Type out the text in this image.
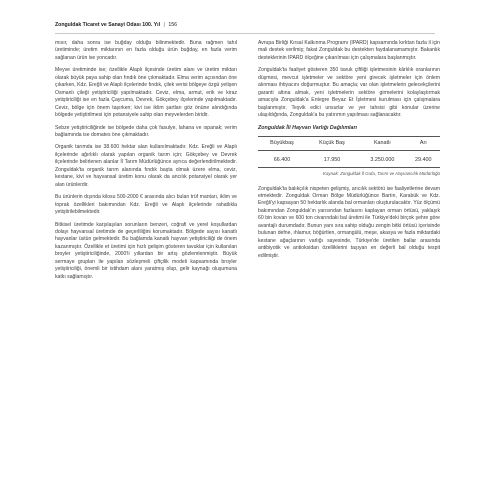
Zonguldak Ticaret ve Sanayi Odası 100. Yıl | 156

mısır, daha sonra ise buğday olduğu bilinmektedir. Buna rağmen tahıl üretiminde; üretim miktarının en fazla olduğu ürün buğday, en fazla verim sağlanan ürün ise yoncadır.

Meyve üretiminde ise; özellikle Alaplı ilçesinde üretim alanı ve üretim miktarı olarak büyük paya sahip olan fındık öne çıkmaktadır. Elma verim açısından öne çıkarken, Kdz. Ereğli ve Alaplı ilçelerinde fındık, çilek verisi bölgeye özgü yetişen Osmanlı çileği yetiştiriciliği yapılmaktadır. Ceviz, elma, armut, erik ve kiraz yetiştiriciliği ise en fazla Çaycuma, Devrek, Gökçebey ilçelerinde yapılmaktadır. Ceviz, bölge için önem taşırken; kivi ise iklim şartları göz önüne alındığında bölgede yetiştirilmesi için potansiyele sahip olan meyvelerden biridir.

Sebze yetiştiriciliğinde ise bölgede daha çok fasulye, lahana ve ıspanak; verim bağlamında ise domates öne çıkmaktadır.

Organik tarımda ise 38.600 hektar alan kullanılmaktadır. Kdz. Ereğli ve Alaplı ilçelerinde ağırlıklı olarak yapılan organik tarım için; Gökçebey ve Devrek ilçelerinde belirlenen alanlar İl Tarım Müdürlüğünce ayrıca değerlendirilmektedir. Zonguldak'ta organik tarım alanında fındık başta olmak üzere elma, ceviz, kestane, kivi ve hayvansal üretim konu olarak da ancılık potansiyel olarak yer alan ürünlerdir.

Bu ürünlerin dışında kilosu 500-2000 € arasında alıcı bulan trüf mantarı, iklim ve toprak özellikleri bakımından Kdz. Ereğli ve Alaplı ilçelerinde rahatlıkla yetiştirilebilmektedir.

Bitkisel üretimde karşılaşılan sorunların benzeri, coğrafi ve yerel koşullardan dolayı hayvansal üretimde de geçerliliğini korumaktadır. Bölgede sayısı kanatlı hayvanlar üstün gelmektedir. Bu bağlamda kanatlı hayvan yetiştiriciliği de önem kazanmıştır. Özellikle et üretimi için hızlı gelişim gösteren tavuklar için kullanılan broyler yetiştiriciliğinde, 2000'li yıllardan bir artış gözlemlenmiştir. Büyük sermaye grupları ile yapılan sözleşmeli çiftçilik modeli kapsamında broyler yetiştiriciliği, önemli bir istihdam alanı yaratmış olup, gelir kaynağı oluşumuna katkı sağlamıştır.

Avrupa Birliği Kırsal Kalkınma Programı (IPARD) kapsamında kırktan fazla il için mali destek verilmiş; fakat Zonguldak bu destekten faydalanamamıştır. Bakanlık desteklerinin IPARD ölçeğine çıkarılması için çalışmalara başlanmıştır.

Zonguldak'ta faaliyet gösteren 350 tavuk çiftliği işletmesinin kârlılık oranlarının düşmesi, mevcut işletmeler ve sektöre yeni girecek işletmeler için önlem alınması ihtiyacını doğurmuştur. Bu amaçla; var olan işletmelerin gelecekçilerini garanti altına almak, yeni işletmelerin sektöre girmelerini kolaylaştırmak amacıyla Zonguldak'a Entegre Beyaz Et İşletmesi kurulması için çalışmalara başlanmıştır. Teşvik edici unsurlar ve yer tahsisi gibi konular üzerine ulaşıldığında, Zonguldak'a bu yatırımın yapılması sağlanacaktır.

Zonguldak İli Hayvan Varlığı Dağılımları
Büyükbaş	Küçük Baş	Kanatlı	Arı
66.400	17.950	3.250.000	29.400
Kaynak: Zonguldak İl Gıda, Tarım ve Hayvancılık Müdürlüğü

Zonguldak'ta balıkçılık nispeten gelişmiş, arıcılık sektörü ise faaliyetlerine devam etmektedir. Zonguldak Orman Bölge Müdürlüğünce Bartın, Karabük ve Kdz. Ereğli'yi kapsayan 50 hektarlık alanda bal ormanları oluşturulacaktır. Yüz ölçümü bakımından Zonguldak'ın yarısından fazlasını kaplayan orman örtüsü, yaklaşık 60 bin kovan ve 600 ton civarındaki bal üretimi ile Türkiye'deki birçok şehre göre avantajlı durumdadır. Bunun yanı sıra sahip olduğu zengin bitki örtüsü içerisinde bulunan defne, ıhlamur, böğürtlen, ormangülü, meşe, akasya ve fazla miktardaki kestane ağaçlarının varlığı sayesinde, Türkiye'de üretilen ballar arasında antibiyotik ve antioksidan özelliklerini taşıyan en değerli bal olduğu tespit edilmiştir.
